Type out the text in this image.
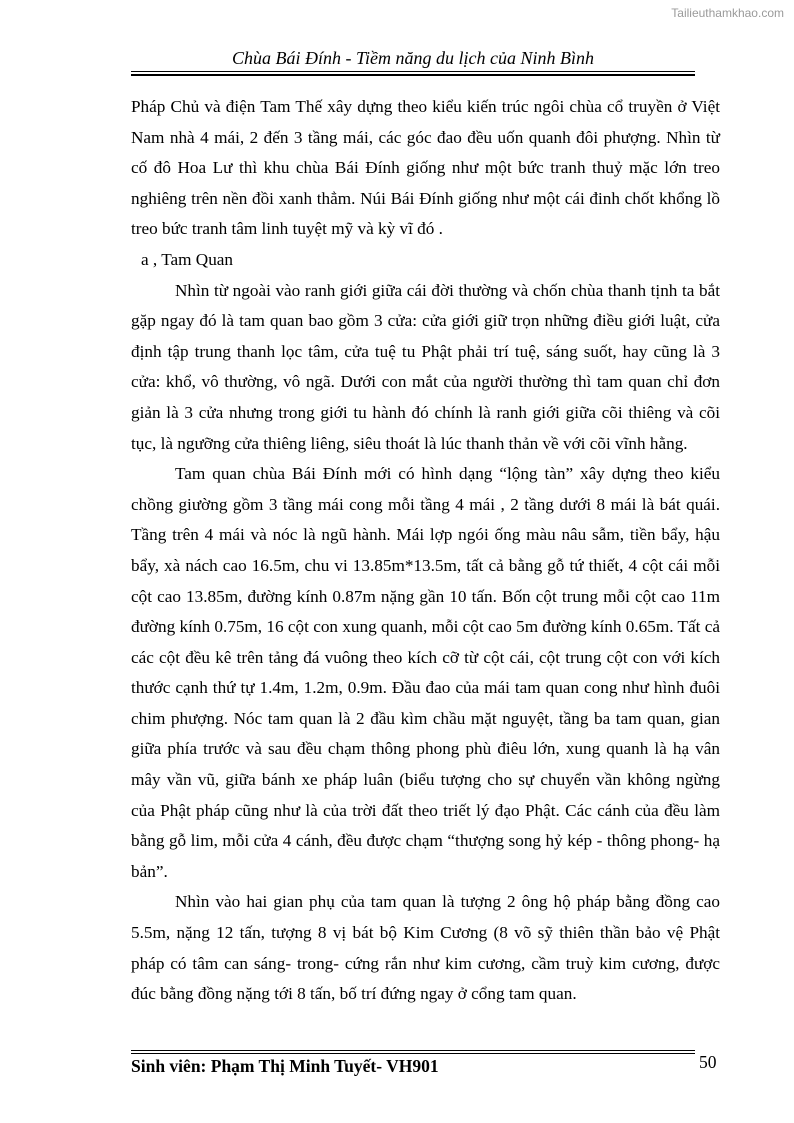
Tailieuthamkhao.com
Chùa Bái Đính - Tiềm năng du lịch của Ninh Bình

Pháp Chủ và điện Tam Thế xây dựng theo kiểu kiến trúc ngôi chùa cổ truyền ở Việt Nam nhà 4 mái, 2 đến 3 tầng mái, các góc đao đều uốn quanh đôi phượng. Nhìn từ cố đô Hoa Lư thì khu chùa Bái Đính giống như một bức tranh thuỷ mặc lớn treo nghiêng trên nền đồi xanh thẳm. Núi Bái Đính giống như một cái đinh chốt khổng lồ treo bức tranh tâm linh tuyệt mỹ và kỳ vĩ đó .

a , Tam Quan

Nhìn từ ngoài vào ranh giới giữa cái đời thường và chốn chùa thanh tịnh ta bắt gặp ngay đó là tam quan bao gồm 3 cửa: cửa giới giữ trọn những điều giới luật, cửa định tập trung thanh lọc tâm, cửa tuệ tu Phật phải trí tuệ, sáng suốt, hay cũng là 3 cửa: khổ, vô thường, vô ngã. Dưới con mắt của người thường thì tam quan chỉ đơn giản là 3 cửa nhưng trong giới tu hành đó chính là ranh giới giữa cõi thiêng và cõi tục, là ngưỡng cửa thiêng liêng, siêu thoát là lúc thanh thản về với cõi vĩnh hằng.

Tam quan chùa Bái Đính mới có hình dạng “lộng tàn” xây dựng theo kiểu chồng giường gồm 3 tầng mái cong mỗi tầng 4 mái , 2 tầng dưới 8 mái là bát quái. Tầng trên 4 mái và nóc là ngũ hành. Mái lợp ngói ống màu nâu sẫm, tiền bẩy, hậu bẩy, xà nách cao 16.5m, chu vi 13.85m*13.5m, tất cả bằng gỗ tứ thiết, 4 cột cái mỗi cột cao 13.85m, đường kính 0.87m nặng gần 10 tấn. Bốn cột trung mỗi cột cao 11m đường kính 0.75m, 16 cột con xung quanh, mỗi cột cao 5m đường kính 0.65m. Tất cả các cột đều kê trên tảng đá vuông theo kích cỡ từ cột cái, cột trung cột con với kích thước cạnh thứ tự 1.4m, 1.2m, 0.9m. Đầu đao của mái tam quan cong như hình đuôi chim phượng. Nóc tam quan là 2 đầu kìm chầu mặt nguyệt, tầng ba tam quan, gian giữa phía trước và sau đều chạm thông phong phù điêu lớn, xung quanh là hạ vân mây vần vũ, giữa bánh xe pháp luân (biểu tượng cho sự chuyển vần không ngừng của Phật pháp cũng như là của trời đất theo triết lý đạo Phật. Các cánh của đều làm bằng gỗ lim, mỗi cửa 4 cánh, đều được chạm “thượng song hỷ kép - thông phong- hạ bản”.

Nhìn vào hai gian phụ của tam quan là tượng 2 ông hộ pháp bằng đồng cao 5.5m, nặng 12 tấn, tượng 8 vị bát bộ Kim Cương (8 võ sỹ thiên thần bảo vệ Phật pháp có tâm can sáng- trong- cứng rắn như kim cương, cầm truỳ kim cương, được đúc bằng đồng nặng tới 8 tấn, bố trí đứng ngay ở cổng tam quan.

Sinh viên: Phạm Thị Minh Tuyết- VH901	50
